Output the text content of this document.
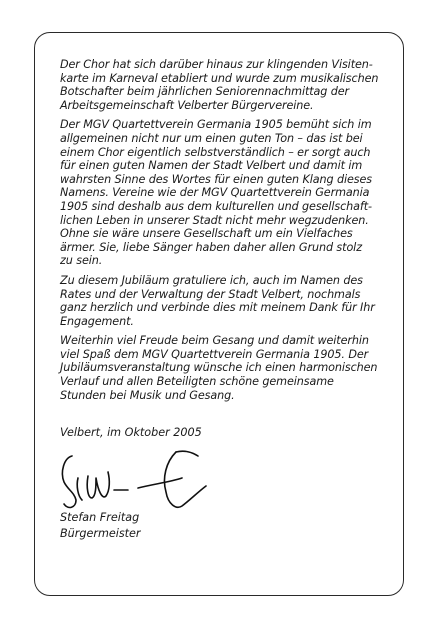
Der Chor hat sich darüber hinaus zur klingenden Visiten-
karte im Karneval etabliert und wurde zum musikalischen
Botschafter beim jährlichen Seniorennachmittag der
Arbeitsgemeinschaft Velberter Bürgervereine.
Der MGV Quartettverein Germania 1905 bemüht sich im
allgemeinen nicht nur um einen guten Ton – das ist bei
einem Chor eigentlich selbstverständlich – er sorgt auch
für einen guten Namen der Stadt Velbert und damit im
wahrsten Sinne des Wortes für einen guten Klang dieses
Namens. Vereine wie der MGV Quartettverein Germania
1905 sind deshalb aus dem kulturellen und gesellschaft-
lichen Leben in unserer Stadt nicht mehr wegzudenken.
Ohne sie wäre unsere Gesellschaft um ein Vielfaches
ärmer. Sie, liebe Sänger haben daher allen Grund stolz
zu sein.
Zu diesem Jubiläum gratuliere ich, auch im Namen des
Rates und der Verwaltung der Stadt Velbert, nochmals
ganz herzlich und verbinde dies mit meinem Dank für Ihr
Engagement.
Weiterhin viel Freude beim Gesang und damit weiterhin
viel Spaß dem MGV Quartettverein Germania 1905. Der
Jubiläumsveranstaltung wünsche ich einen harmonischen
Verlauf und allen Beteiligten schöne gemeinsame
Stunden bei Musik und Gesang.
Velbert, im Oktober 2005
Stefan Freitag
Bürgermeister
